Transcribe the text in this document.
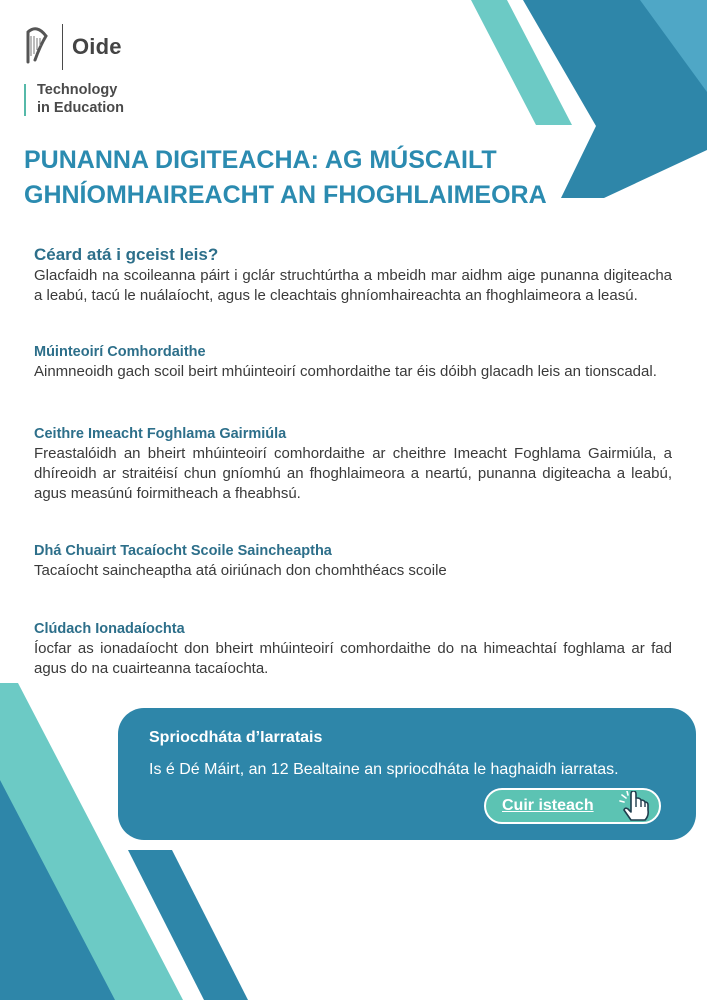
Oide
Technology
in Education
PUNANNA DIGITEACHA: AG MÚSCAILT
GHNÍOMHAIREACHT AN FHOGHLAIMEORA
Céard atá i gceist leis?
Glacfaidh na scoileanna páirt i gclár struchtúrtha a mbeidh mar aidhm aige punanna digiteacha a leabú, tacú le nuálaíocht, agus le cleachtais ghníomhaireachta an fhoghlaimeora a leasú.
Múinteoirí Comhordaithe
Ainmneoidh gach scoil beirt mhúinteoirí comhordaithe tar éis dóibh glacadh leis an tionscadal.
Ceithre Imeacht Foghlama Gairmiúla
Freastalóidh an bheirt mhúinteoirí comhordaithe ar cheithre Imeacht Foghlama Gairmiúla, a dhíreoidh ar straitéisí chun gníomhú an fhoghlaimeora a neartú, punanna digiteacha a leabú, agus measúnú foirmitheach a fheabhsú.
Dhá Chuairt Tacaíocht Scoile Saincheaptha
Tacaíocht saincheaptha atá oiriúnach don chomhthéacs scoile
Clúdach Ionadaíochta
Íocfar as ionadaíocht don bheirt mhúinteoirí comhordaithe do na himeachtaí foghlama ar fad agus do na cuairteanna tacaíochta.
Spriocdháta d’Iarratais
Is é Dé Máirt, an 12 Bealtaine an spriocdháta le haghaidh iarratas.
Cuir isteach
